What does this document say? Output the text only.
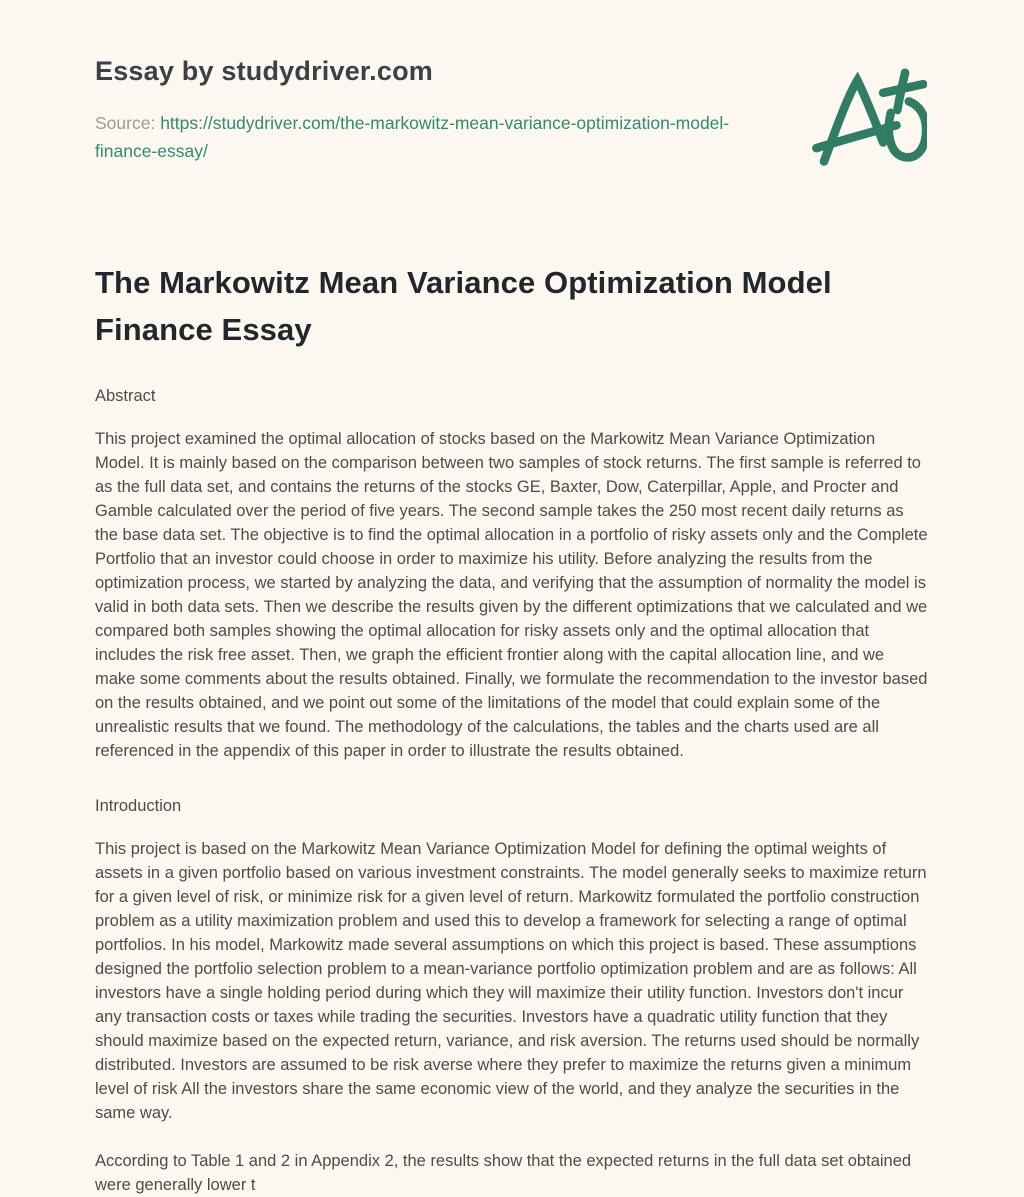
Essay by studydriver.com
Source: https://studydriver.com/the-markowitz-mean-variance-optimization-model-finance-essay/
The Markowitz Mean Variance Optimization Model Finance Essay
Abstract

This project examined the optimal allocation of stocks based on the Markowitz Mean Variance Optimization Model. It is mainly based on the comparison between two samples of stock returns. The first sample is referred to as the full data set, and contains the returns of the stocks GE, Baxter, Dow, Caterpillar, Apple, and Procter and Gamble calculated over the period of five years. The second sample takes the 250 most recent daily returns as the base data set. The objective is to find the optimal allocation in a portfolio of risky assets only and the Complete Portfolio that an investor could choose in order to maximize his utility. Before analyzing the results from the optimization process, we started by analyzing the data, and verifying that the assumption of normality the model is valid in both data sets. Then we describe the results given by the different optimizations that we calculated and we compared both samples showing the optimal allocation for risky assets only and the optimal allocation that includes the risk free asset. Then, we graph the efficient frontier along with the capital allocation line, and we make some comments about the results obtained. Finally, we formulate the recommendation to the investor based on the results obtained, and we point out some of the limitations of the model that could explain some of the unrealistic results that we found. The methodology of the calculations, the tables and the charts used are all referenced in the appendix of this paper in order to illustrate the results obtained.

Introduction

This project is based on the Markowitz Mean Variance Optimization Model for defining the optimal weights of assets in a given portfolio based on various investment constraints. The model generally seeks to maximize return for a given level of risk, or minimize risk for a given level of return. Markowitz formulated the portfolio construction problem as a utility maximization problem and used this to develop a framework for selecting a range of optimal portfolios. In his model, Markowitz made several assumptions on which this project is based. These assumptions designed the portfolio selection problem to a mean-variance portfolio optimization problem and are as follows: All investors have a single holding period during which they will maximize their utility function. Investors don't incur any transaction costs or taxes while trading the securities. Investors have a quadratic utility function that they should maximize based on the expected return, variance, and risk aversion. The returns used should be normally distributed. Investors are assumed to be risk averse where they prefer to maximize the returns given a minimum level of risk All the investors share the same economic view of the world, and they analyze the securities in the same way.

According to Table 1 and 2 in Appendix 2, the results show that the expected returns in the full data set obtained were generally lower t
